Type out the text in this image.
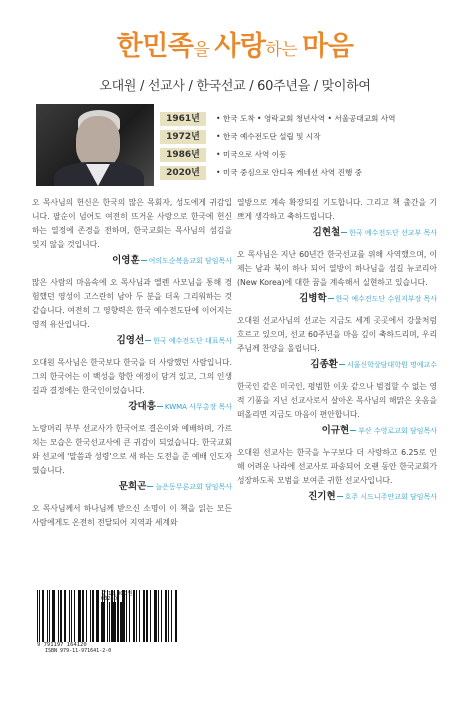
한민족을 사랑하는 마음
오대원 / 선교사 / 한국선교 / 60주년을 / 맞이하여
1961년	• 한국 도착 • 영락교회 청년사역 • 서울공대교회 사역
1972년	• 한국 예수전도단 설립 및 시작
1986년	• 미국으로 사역 이동
2020년	• 미국 중심으로 안디옥 케네션 사역 진행 중
오 목사님의 헌신은 한국의 많은 목회자, 성도에게 귀감입니다. 팔순이 넘어도 여전히 뜨거운 사랑으로 한국에 헌신하는 열정에 존경을 전하며, 한국교회는 목사님의 섬김을 잊지 않을 것입니다.
이영훈 여의도순복음교회 담임목사
많은 사람의 마음속에 오 목사님과 엘렌 사모님을 통해 경험했던 영성이 고스란히 남아 두 분을 더욱 그리워하는 것 같습니다. 여전히 그 영향력은 한국 예수전도단에 이어지는 영적 유산입니다.
김영선 한국 예수전도단 대표목사
오대원 목사님은 한국보다 한국을 더 사랑했던 사람입니다. 그의 한국어는 이 백성을 향한 애정이 담겨 있고, 그의 인생길과 결정에는 한국인이었습니다.
강대흥 KWMA 사무총장 목사
노랑머리 부부 선교사가 한국어로 결은이와 예배하며, 가르치는 모습은 한국선교사에 큰 귀감이 되었습니다. 한국교회와 선교에 '말씀과 성령'으로 새 하는 도전을 준 예배 인도자였습니다.
문희곤 늘은동무론교회 담임목사
오 목사님께서 하나님께 받으신 소명이 이 책을 읽는 모든 사람에게도 온전히 전달되어 지역과 세계와
열방으로 계속 확장되길 기도합니다. 그리고 책 출간을 기쁘게 생각하고 축하드립니다.
김현철 한국 예수전도단 선교부 목사
오 목사님은 지난 60년간 한국선교를 위해 사역했으며, 이제는 남과 북이 하나 되어 열방이 하나님을 섬길 뉴코리아(New Korea)에 대한 꿈을 계속해서 실현하고 있습니다.
김병학 한국 예수전도단 수원지부장 목사
오대원 선교사님의 선교는 지금도 세계 곳곳에서 강물처럼 흐르고 있으며, 선교 60주년을 마음 깊이 축하드리며, 우리 주님께 찬양을 올립니다.
김종환 서울신학상담대학원 명예교수
한국인 같은 미국인, 평범한 이웃 같으나 범접할 수 없는 영적 기품을 지닌 선교사로서 살아온 목사님의 해맑은 웃음을 떠올리면 지금도 마음이 편안합니다.
이규현 부산 수영로교회 담임목사
오대원 선교사는 한국을 누구보다 더 사랑하고 6.25로 인해 어려운 나라에 선교사로 파송되어 오랜 동안 한국교회가 성장하도록 모범을 보여준 귀한 선교사입니다.
진기현 호주 시드니주안교회 담임목사
9 791197 164120
ISBN 979-11-971641-2-0
값 15,000원
03230
